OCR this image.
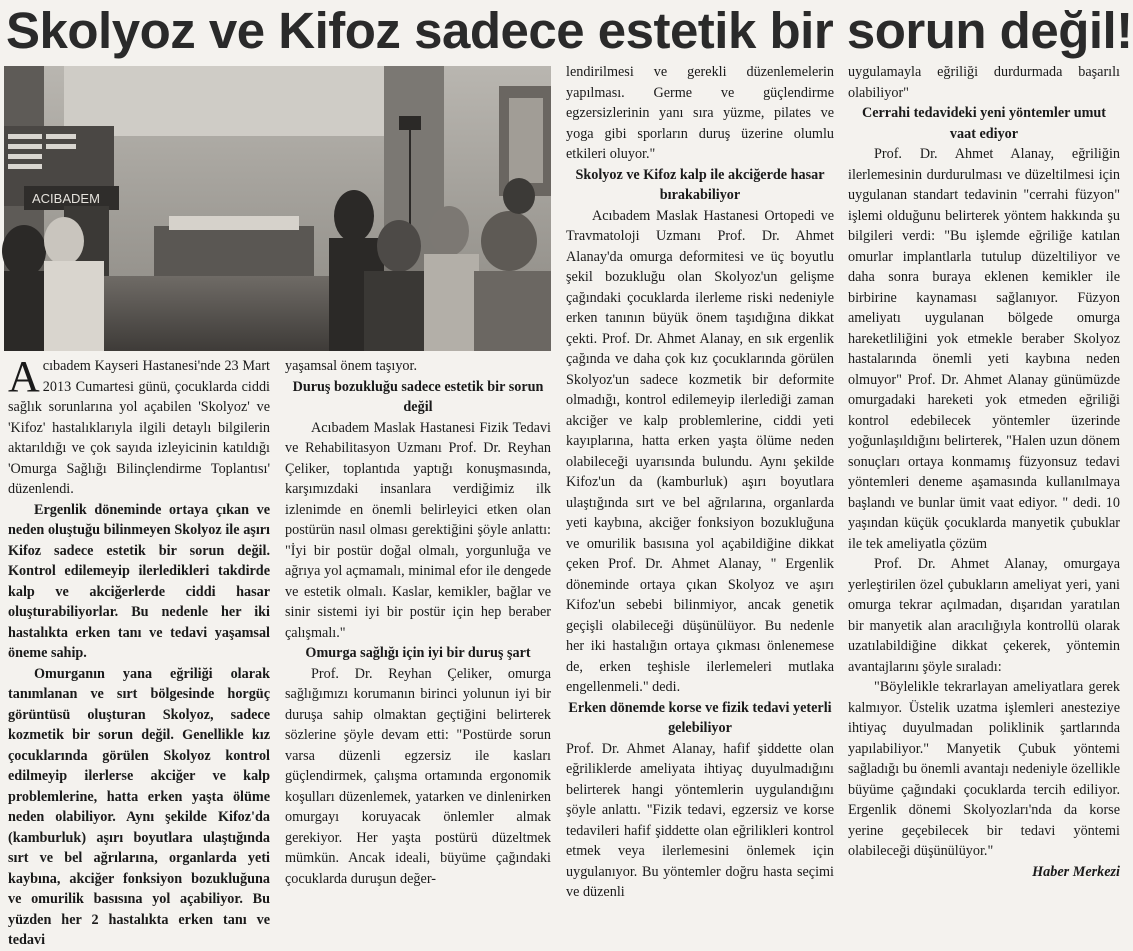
Skolyoz ve Kifoz sadece estetik bir sorun değil!
ACIBADEM

Acıbadem Kayseri Hastanesi'nde 23 Mart 2013 Cumartesi günü, çocuklarda ciddi sağlık sorunlarına yol açabilen 'Skolyoz' ve 'Kifoz' hastalıklarıyla ilgili detaylı bilgilerin aktarıldığı ve çok sayıda izleyicinin katıldığı 'Omurga Sağlığı Bilinçlendirme Toplantısı' düzenlendi.

Ergenlik döneminde ortaya çıkan ve neden oluştuğu bilinmeyen Skolyoz ile aşırı Kifoz sadece estetik bir sorun değil. Kontrol edilemeyip ilerledikleri takdirde kalp ve akciğerlerde ciddi hasar oluşturabiliyorlar. Bu nedenle her iki hastalıkta erken tanı ve tedavi yaşamsal öneme sahip.

Omurganın yana eğriliği olarak tanımlanan ve sırt bölgesinde horgüç görüntüsü oluşturan Skolyoz, sadece kozmetik bir sorun değil. Genellikle kız çocuklarında görülen Skolyoz kontrol edilmeyip ilerlerse akciğer ve kalp problemlerine, hatta erken yaşta ölüme neden olabiliyor. Aynı şekilde Kifoz'da (kamburluk) aşırı boyutlara ulaştığında sırt ve bel ağrılarına, organlarda yeti kaybına, akciğer fonksiyon bozukluğuna ve omurilik basısına yol açabiliyor. Bu yüzden her 2 hastalıkta erken tanı ve tedavi

yaşamsal önem taşıyor.

Duruş bozukluğu sadece estetik bir sorun değil

Acıbadem Maslak Hastanesi Fizik Tedavi ve Rehabilitasyon Uzmanı Prof. Dr. Reyhan Çeliker, toplantıda yaptığı konuşmasında, karşımızdaki insanlara verdiğimiz ilk izlenimde en önemli belirleyici etken olan postürün nasıl olması gerektiğini şöyle anlattı: "İyi bir postür doğal olmalı, yorgunluğa ve ağrıya yol açmamalı, minimal efor ile dengede ve estetik olmalı. Kaslar, kemikler, bağlar ve sinir sistemi iyi bir postür için hep beraber çalışmalı."

Omurga sağlığı için iyi bir duruş şart

Prof. Dr. Reyhan Çeliker, omurga sağlığımızı korumanın birinci yolunun iyi bir duruşa sahip olmaktan geçtiğini belirterek sözlerine şöyle devam etti: "Postürde sorun varsa düzenli egzersiz ile kasları güçlendirmek, çalışma ortamında ergonomik koşulları düzenlemek, yatarken ve dinlenirken omurgayı koruyacak önlemler almak gerekiyor. Her yaşta postürü düzeltmek mümkün. Ancak ideali, büyüme çağındaki çocuklarda duruşun değer-

lendirilmesi ve gerekli düzenlemelerin yapılması. Germe ve güçlendirme egzersizlerinin yanı sıra yüzme, pilates ve yoga gibi sporların duruş üzerine olumlu etkileri oluyor."

Skolyoz ve Kifoz kalp ile akciğerde hasar bırakabiliyor

Acıbadem Maslak Hastanesi Ortopedi ve Travmatoloji Uzmanı Prof. Dr. Ahmet Alanay'da omurga deformitesi ve üç boyutlu şekil bozukluğu olan Skolyoz'un gelişme çağındaki çocuklarda ilerleme riski nedeniyle erken tanının büyük önem taşıdığına dikkat çekti. Prof. Dr. Ahmet Alanay, en sık ergenlik çağında ve daha çok kız çocuklarında görülen Skolyoz'un sadece kozmetik bir deformite olmadığı, kontrol edilemeyip ilerlediği zaman akciğer ve kalp problemlerine, ciddi yeti kayıplarına, hatta erken yaşta ölüme neden olabileceği uyarısında bulundu. Aynı şekilde Kifoz'un da (kamburluk) aşırı boyutlara ulaştığında sırt ve bel ağrılarına, organlarda yeti kaybına, akciğer fonksiyon bozukluğuna ve omurilik basısına yol açabildiğine dikkat çeken Prof. Dr. Ahmet Alanay, " Ergenlik döneminde ortaya çıkan Skolyoz ve aşırı Kifoz'un sebebi bilinmiyor, ancak genetik geçişli olabileceği düşünülüyor. Bu nedenle her iki hastalığın ortaya çıkması önlenemese de, erken teşhisle ilerlemeleri mutlaka engellenmeli." dedi.

Erken dönemde korse ve fizik tedavi yeterli gelebiliyor

Prof. Dr. Ahmet Alanay, hafif şiddette olan eğriliklerde ameliyata ihtiyaç duyulmadığını belirterek hangi yöntemlerin uygulandığını şöyle anlattı. "Fizik tedavi, egzersiz ve korse tedavileri hafif şiddette olan eğrilikleri kontrol etmek veya ilerlemesini önlemek için uygulanıyor. Bu yöntemler doğru hasta seçimi ve düzenli

uygulamayla eğriliği durdurmada başarılı olabiliyor"

Cerrahi tedavideki yeni yöntemler umut vaat ediyor

Prof. Dr. Ahmet Alanay, eğriliğin ilerlemesinin durdurulması ve düzeltilmesi için uygulanan standart tedavinin "cerrahi füzyon" işlemi olduğunu belirterek yöntem hakkında şu bilgileri verdi: "Bu işlemde eğriliğe katılan omurlar implantlarla tutulup düzeltiliyor ve daha sonra buraya eklenen kemikler ile birbirine kaynaması sağlanıyor. Füzyon ameliyatı uygulanan bölgede omurga hareketliliğini yok etmekle beraber Skolyoz hastalarında önemli yeti kaybına neden olmuyor" Prof. Dr. Ahmet Alanay günümüzde omurgadaki hareketi yok etmeden eğriliği kontrol edebilecek yöntemler üzerinde yoğunlaşıldığını belirterek, "Halen uzun dönem sonuçları ortaya konmamış füzyonsuz tedavi yöntemleri deneme aşamasında kullanılmaya başlandı ve bunlar ümit vaat ediyor. " dedi. 10 yaşından küçük çocuklarda manyetik çubuklar ile tek ameliyatla çözüm

Prof. Dr. Ahmet Alanay, omurgaya yerleştirilen özel çubukların ameliyat yeri, yani omurga tekrar açılmadan, dışarıdan yaratılan bir manyetik alan aracılığıyla kontrollü olarak uzatılabildiğine dikkat çekerek, yöntemin avantajlarını şöyle sıraladı:

"Böylelikle tekrarlayan ameliyatlara gerek kalmıyor. Üstelik uzatma işlemleri anesteziye ihtiyaç duyulmadan poliklinik şartlarında yapılabiliyor." Manyetik Çubuk yöntemi sağladığı bu önemli avantajı nedeniyle özellikle büyüme çağındaki çocuklarda tercih ediliyor. Ergenlik dönemi Skolyozları'nda da korse yerine geçebilecek bir tedavi yöntemi olabileceği düşünülüyor."

Haber Merkezi
